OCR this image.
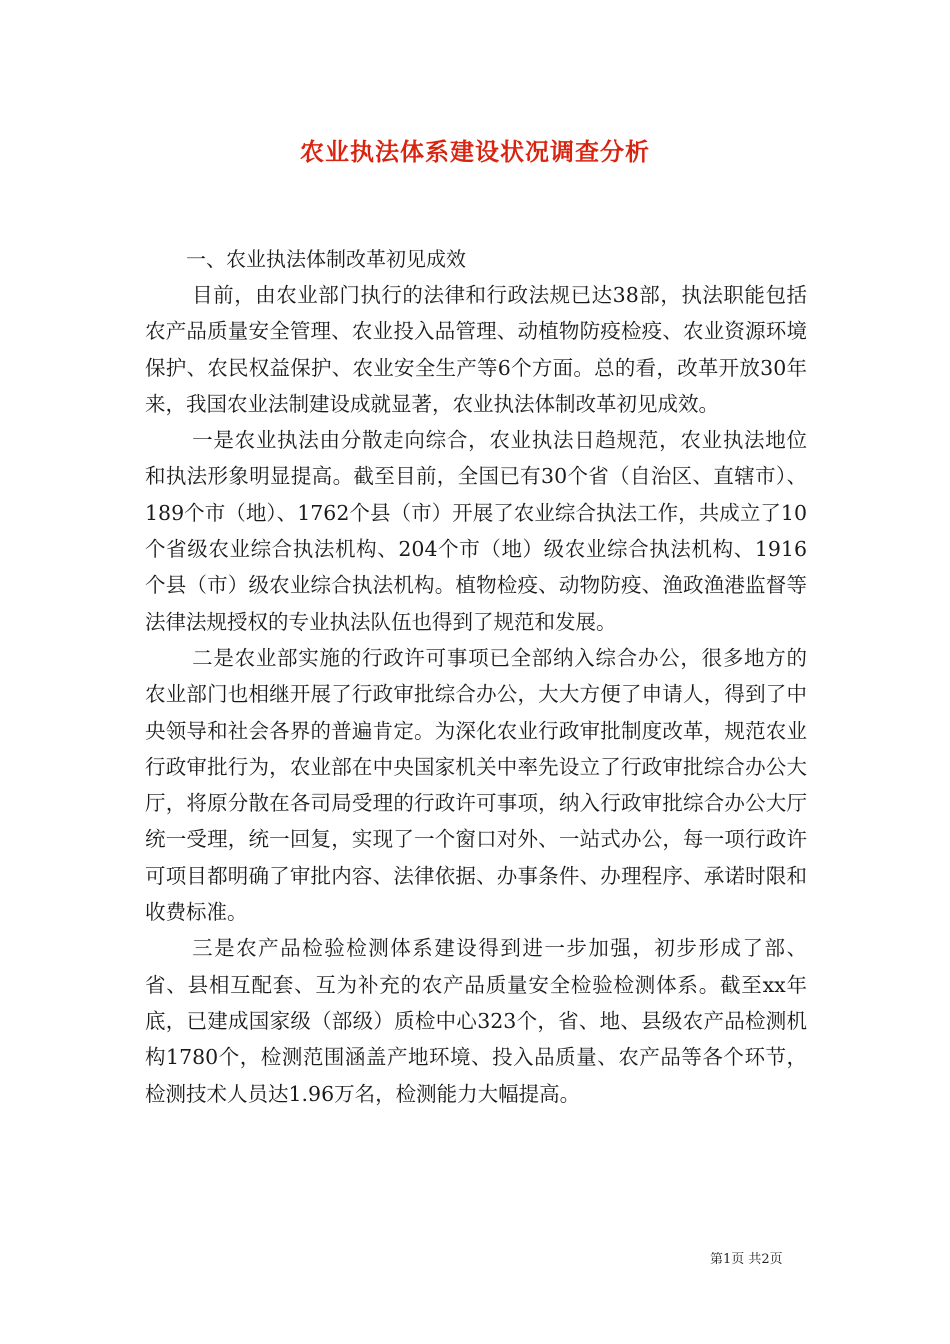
农业执法体系建设状况调查分析
一、农业执法体制改革初见成效

目前，由农业部门执行的法律和行政法规已达38部，执法职能包括农产品质量安全管理、农业投入品管理、动植物防疫检疫、农业资源环境保护、农民权益保护、农业安全生产等6个方面。总的看，改革开放30年来，我国农业法制建设成就显著，农业执法体制改革初见成效。

一是农业执法由分散走向综合，农业执法日趋规范，农业执法地位和执法形象明显提高。截至目前，全国已有30个省（自治区、直辖市）、189个市（地）、1762个县（市）开展了农业综合执法工作，共成立了10个省级农业综合执法机构、204个市（地）级农业综合执法机构、1916个县（市）级农业综合执法机构。植物检疫、动物防疫、渔政渔港监督等法律法规授权的专业执法队伍也得到了规范和发展。

二是农业部实施的行政许可事项已全部纳入综合办公，很多地方的农业部门也相继开展了行政审批综合办公，大大方便了申请人，得到了中央领导和社会各界的普遍肯定。为深化农业行政审批制度改革，规范农业行政审批行为，农业部在中央国家机关中率先设立了行政审批综合办公大厅，将原分散在各司局受理的行政许可事项，纳入行政审批综合办公大厅统一受理，统一回复，实现了一个窗口对外、一站式办公，每一项行政许可项目都明确了审批内容、法律依据、办事条件、办理程序、承诺时限和收费标准。

三是农产品检验检测体系建设得到进一步加强，初步形成了部、省、县相互配套、互为补充的农产品质量安全检验检测体系。截至xx年底，已建成国家级（部级）质检中心323个，省、地、县级农产品检测机构1780个，检测范围涵盖产地环境、投入品质量、农产品等各个环节，检测技术人员达1.96万名，检测能力大幅提高。

第1页 共2页
